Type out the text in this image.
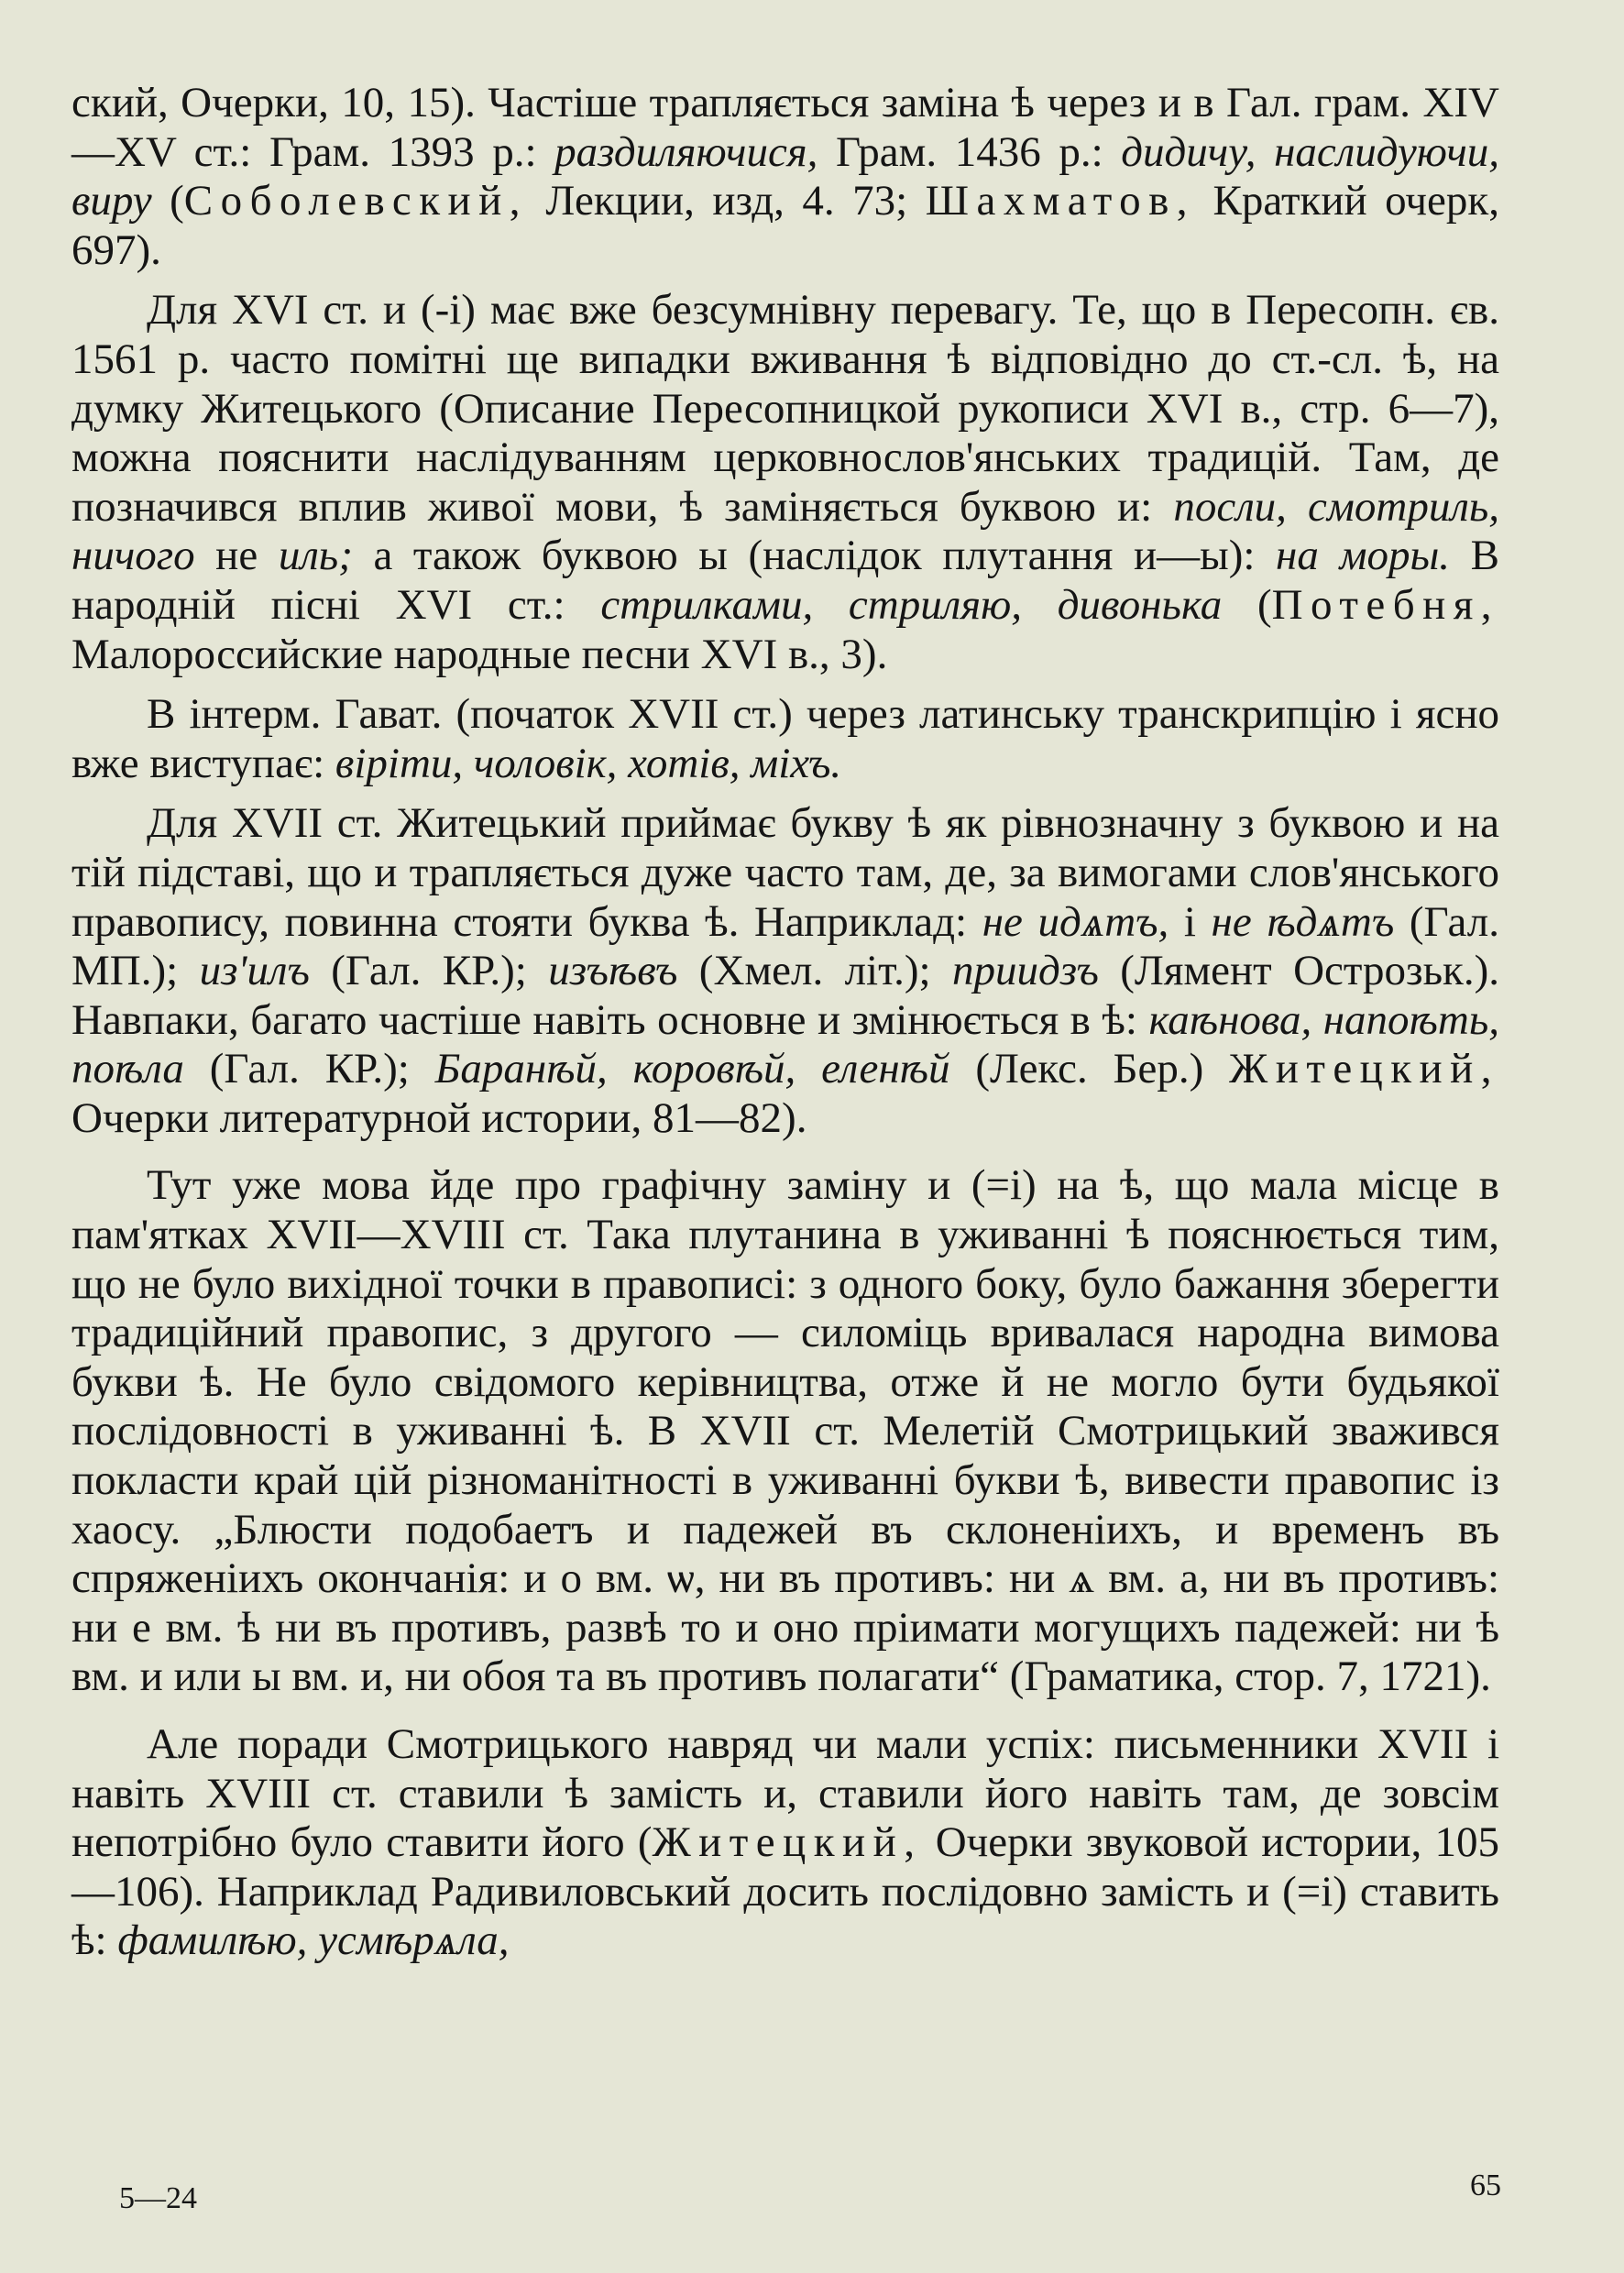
ский, Очерки, 10, 15). Частіше трапляється заміна ѣ через и в Гал. грам. XIV—XV ст.: Грам. 1393 р.: раздиляючися, Грам. 1436 р.: дидичу, наслидуючи, виру (Соболевский, Лекции, изд, 4. 73; Шахматов, Краткий очерк, 697).

Для XVI ст. и (-і) має вже безсумнівну перевагу. Те, що в Пересопн. єв. 1561 р. часто помітні ще випадки вживання ѣ відповідно до ст.-сл. ѣ, на думку Житецького (Описание Пересопницкой рукописи XVI в., стр. 6—7), можна пояснити наслідуванням церковнослов'янських традицій. Там, де позначився вплив живої мови, ѣ заміняється буквою и: посли, смотриль, ничого не иль; а також буквою ы (наслідок плутання и—ы): на моры. В народній пісні XVI ст.: стрилками, стриляю, дивонька (Потебня, Малороссийские народные песни XVI в., 3).

В інтерм. Гават. (початок XVII ст.) через латинську транскрипцію і ясно вже виступає: віріти, чоловік, хотів, міхъ.

Для XVII ст. Житецький приймає букву ѣ як рівнозначну з буквою и на тій підставі, що и трапляється дуже часто там, де, за вимогами слов'янського правопису, повинна стояти буква ѣ. Наприклад: не идѧтъ, і не ѣдѧтъ (Гал. МП.); из'илъ (Гал. КР.); изъѣвъ (Хмел. літ.); приидзъ (Лямент Острозьк.). Навпаки, багато частіше навіть основне и змінюється в ѣ: каѣнова, напоѣть, поѣла (Гал. КР.); Баранѣй, коровѣй, еленѣй (Лекс. Бер.) Житецкий, Очерки литературной истории, 81—82).

Тут уже мова йде про графічну заміну и (=і) на ѣ, що мала місце в пам'ятках XVII—XVIII ст. Така плутанина в уживанні ѣ пояснюється тим, що не було вихідної точки в правописі: з одного боку, було бажання зберегти традиційний правопис, з другого — силоміць вривалася народна вимова букви ѣ. Не було свідомого керівництва, отже й не могло бути будьякої послідовності в уживанні ѣ. В XVII ст. Мелетій Смотрицький зважився покласти край цій різноманітності в уживанні букви ѣ, вивести правопис із хаосу. „Блюсти подобаетъ и падежей въ склоненіихъ, и временъ въ спряженіихъ окончанія: и о вм. ѡ, ни въ противъ: ни ѧ вм. а, ни въ противъ: ни е вм. ѣ ни въ противъ, развѣ то и оно пріимати могущихъ падежей: ни ѣ вм. и или ы вм. и, ни обоя та въ противъ полагати“ (Граматика, стор. 7, 1721).

Але поради Смотрицького навряд чи мали успіх: письменники XVII і навіть XVIII ст. ставили ѣ замість и, ставили його навіть там, де зовсім непотрібно було ставити його (Житецкий, Очерки звуковой истории, 105—106). Наприклад Радивиловський досить послідовно замість и (=і) ставить ѣ: фамилѣю, усмѣрѧла,

5—24	65
